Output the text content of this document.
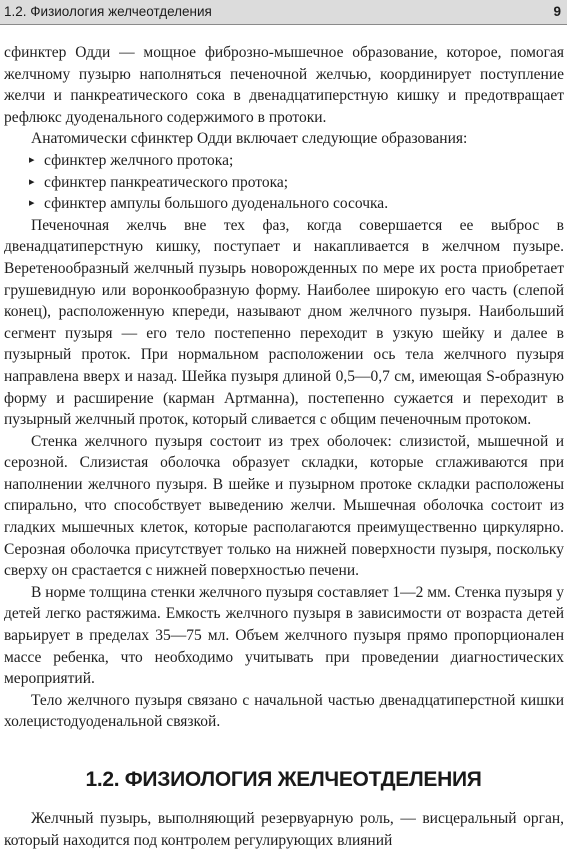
1.2. Физиология желчеотделения	9

сфинктер Одди — мощное фиброзно-мышечное образование, которое, помогая желчному пузырю наполняться печеночной желчью, координирует поступление желчи и панкреатического сока в двенадцатиперстную кишку и предотвращает рефлюкс дуоденального содержимого в протоки.

Анатомически сфинктер Одди включает следующие образования:

▸ сфинктер желчного протока;
▸ сфинктер панкреатического протока;
▸ сфинктер ампулы большого дуоденального сосочка.

Печеночная желчь вне тех фаз, когда совершается ее выброс в двенадцатиперстную кишку, поступает и накапливается в желчном пузыре. Веретенообразный желчный пузырь новорожденных по мере их роста приобретает грушевидную или воронкообразную форму. Наиболее широкую его часть (слепой конец), расположенную кпереди, называют дном желчного пузыря. Наибольший сегмент пузыря — его тело постепенно переходит в узкую шейку и далее в пузырный проток. При нормальном расположении ось тела желчного пузыря направлена вверх и назад. Шейка пузыря длиной 0,5—0,7 см, имеющая S-образную форму и расширение (карман Артманна), постепенно сужается и переходит в пузырный желчный проток, который сливается с общим печеночным протоком.

Стенка желчного пузыря состоит из трех оболочек: слизистой, мышечной и серозной. Слизистая оболочка образует складки, которые сглаживаются при наполнении желчного пузыря. В шейке и пузырном протоке складки расположены спирально, что способствует выведению желчи. Мышечная оболочка состоит из гладких мышечных клеток, которые располагаются преимущественно циркулярно. Серозная оболочка присутствует только на нижней поверхности пузыря, поскольку сверху он срастается с нижней поверхностью печени.

В норме толщина стенки желчного пузыря составляет 1—2 мм. Стенка пузыря у детей легко растяжима. Емкость желчного пузыря в зависимости от возраста детей варьирует в пределах 35—75 мл. Объем желчного пузыря прямо пропорционален массе ребенка, что необходимо учитывать при проведении диагностических мероприятий.

Тело желчного пузыря связано с начальной частью двенадцатиперстной кишки холецистодуоденальной связкой.

1.2. ФИЗИОЛОГИЯ ЖЕЛЧЕОТДЕЛЕНИЯ

Желчный пузырь, выполняющий резервуарную роль, — висцеральный орган, который находится под контролем регулирующих влияний
